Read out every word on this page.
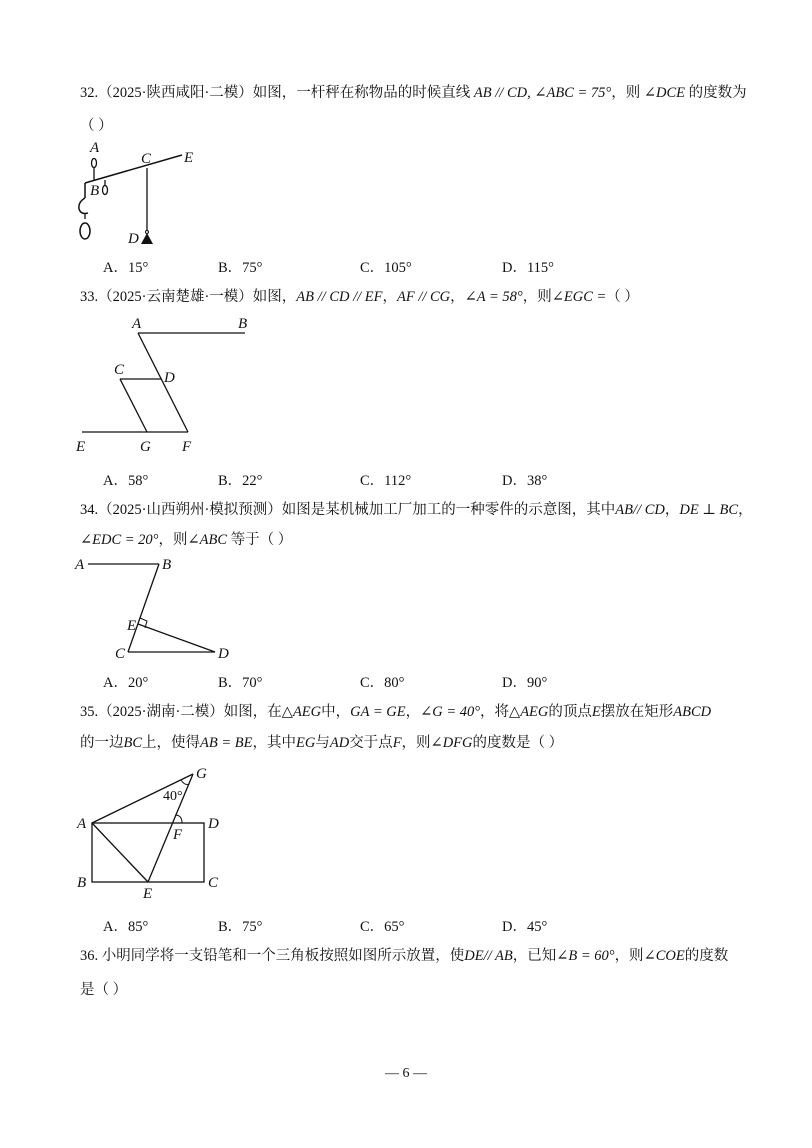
32.（2025·陕西咸阳·二模）如图，一杆秤在称物品的时候直线 AB // CD, ∠ABC = 75°，则 ∠DCE 的度数为
（ ）
A
B
C
D
E
A．15°	B．75°	C．105°	D．115°
33.（2025·云南楚雄·一模）如图，AB // CD // EF，AF // CG，∠A = 58°，则∠EGC =（ ）
A	B
C	D
E	G F
A．58°	B．22°	C．112°	D．38°
34.（2025·山西朔州·模拟预测）如图是某机械加工厂加工的一种零件的示意图，其中AB// CD，DE ⊥ BC，
∠EDC = 20°，则∠ABC 等于（ ）
A	B
E
C	D
A．20°	B．70°	C．80°	D．90°
35.（2025·湖南·二模）如图，在△AEG中，GA = GE，∠G = 40°，将△AEG的顶点E摆放在矩形ABCD
的一边BC上，使得AB = BE，其中EG与AD交于点F，则∠DFG的度数是（ ）
G
A	D
F
B
E
C
40°
A．85°	B．75°	C．65°	D．45°
36. 小明同学将一支铅笔和一个三角板按照如图所示放置，使DE// AB，已知∠B = 60°，则∠COE的度数
是（ ）
— 6 —
